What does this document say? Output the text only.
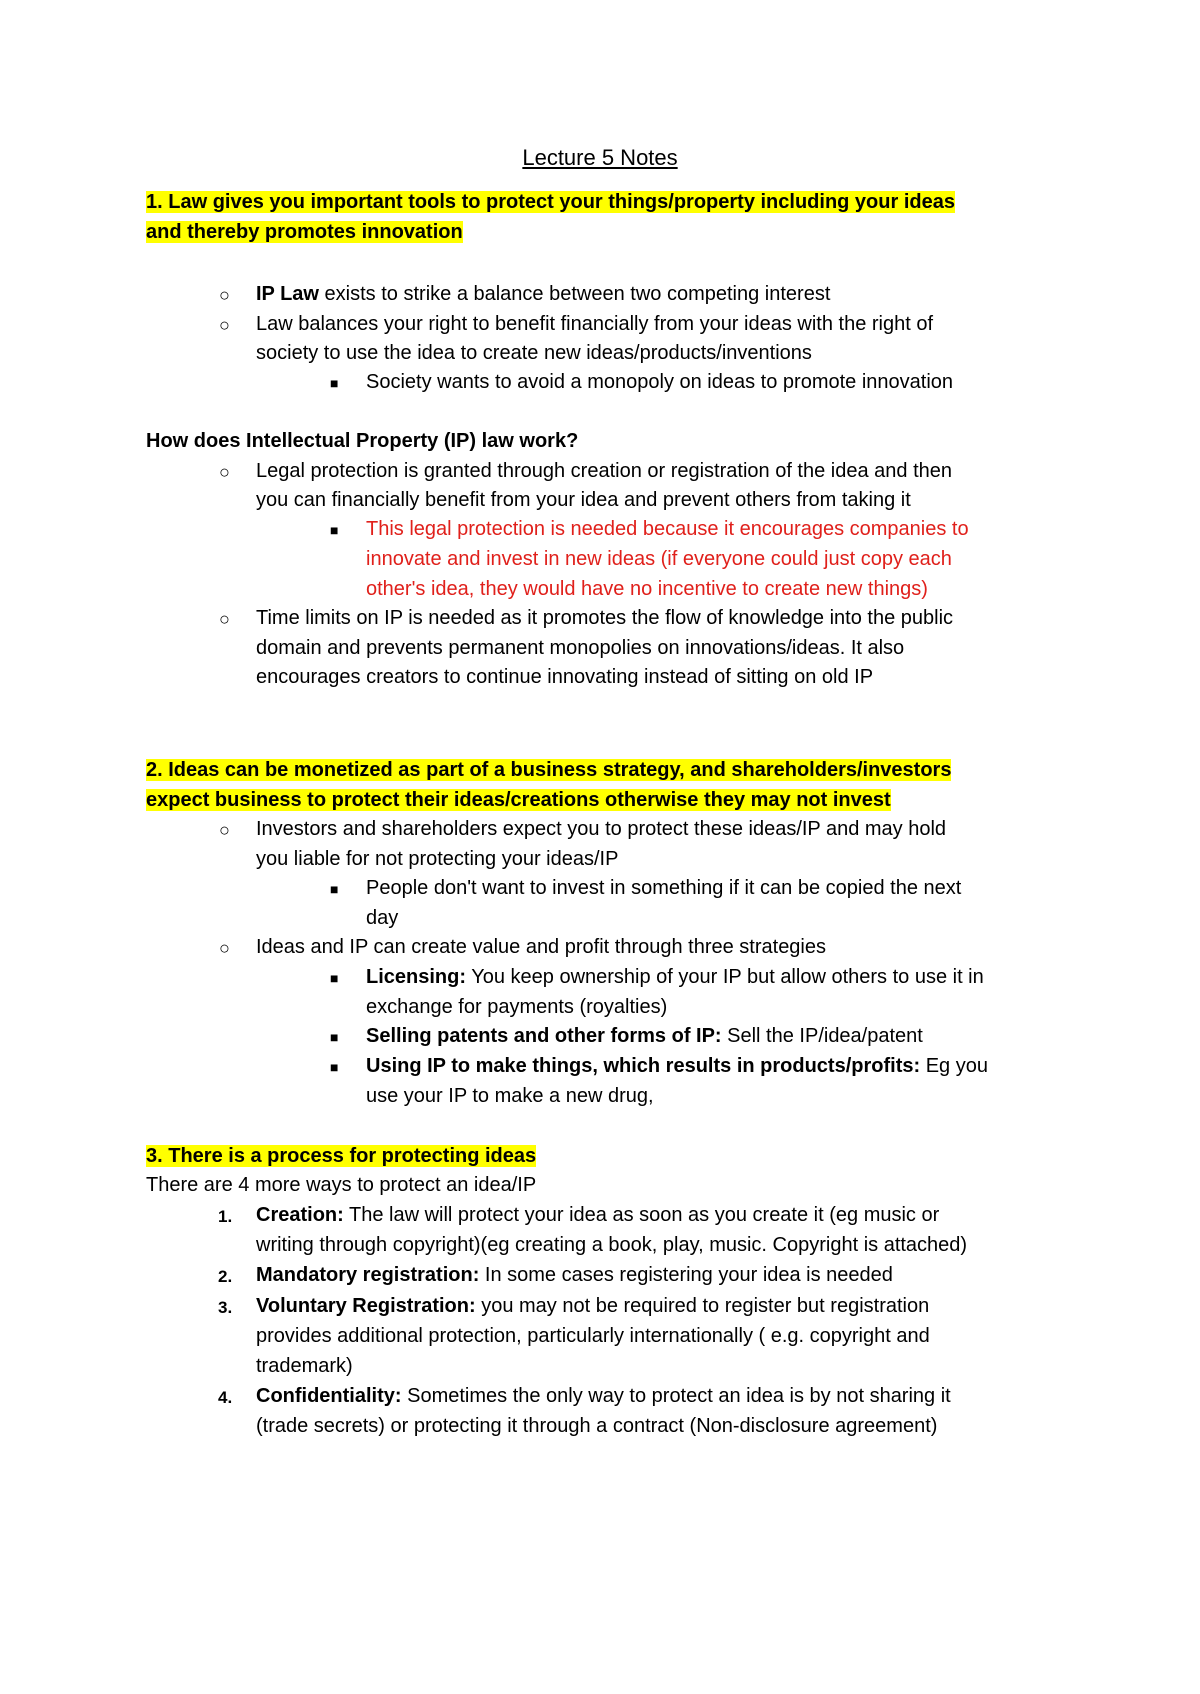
Lecture 5 Notes
1. Law gives you important tools to protect your things/property including your ideas
and thereby promotes innovation
○ IP Law exists to strike a balance between two competing interest
○ Law balances your right to benefit financially from your ideas with the right of
society to use the idea to create new ideas/products/inventions
■ Society wants to avoid a monopoly on ideas to promote innovation
How does Intellectual Property (IP) law work?
○ Legal protection is granted through creation or registration of the idea and then
you can financially benefit from your idea and prevent others from taking it
■ This legal protection is needed because it encourages companies to
innovate and invest in new ideas (if everyone could just copy each
other's idea, they would have no incentive to create new things)
○ Time limits on IP is needed as it promotes the flow of knowledge into the public
domain and prevents permanent monopolies on innovations/ideas. It also
encourages creators to continue innovating instead of sitting on old IP
2. Ideas can be monetized as part of a business strategy, and shareholders/investors
expect business to protect their ideas/creations otherwise they may not invest
○ Investors and shareholders expect you to protect these ideas/IP and may hold
you liable for not protecting your ideas/IP
■ People don't want to invest in something if it can be copied the next
day
○ Ideas and IP can create value and profit through three strategies
■ Licensing: You keep ownership of your IP but allow others to use it in
exchange for payments (royalties)
■ Selling patents and other forms of IP: Sell the IP/idea/patent
■ Using IP to make things, which results in products/profits: Eg you
use your IP to make a new drug,
3. There is a process for protecting ideas
There are 4 more ways to protect an idea/IP
1. Creation: The law will protect your idea as soon as you create it (eg music or
writing through copyright)(eg creating a book, play, music. Copyright is attached)
2. Mandatory registration: In some cases registering your idea is needed
3. Voluntary Registration: you may not be required to register but registration
provides additional protection, particularly internationally ( e.g. copyright and
trademark)
4. Confidentiality: Sometimes the only way to protect an idea is by not sharing it
(trade secrets) or protecting it through a contract (Non-disclosure agreement)
